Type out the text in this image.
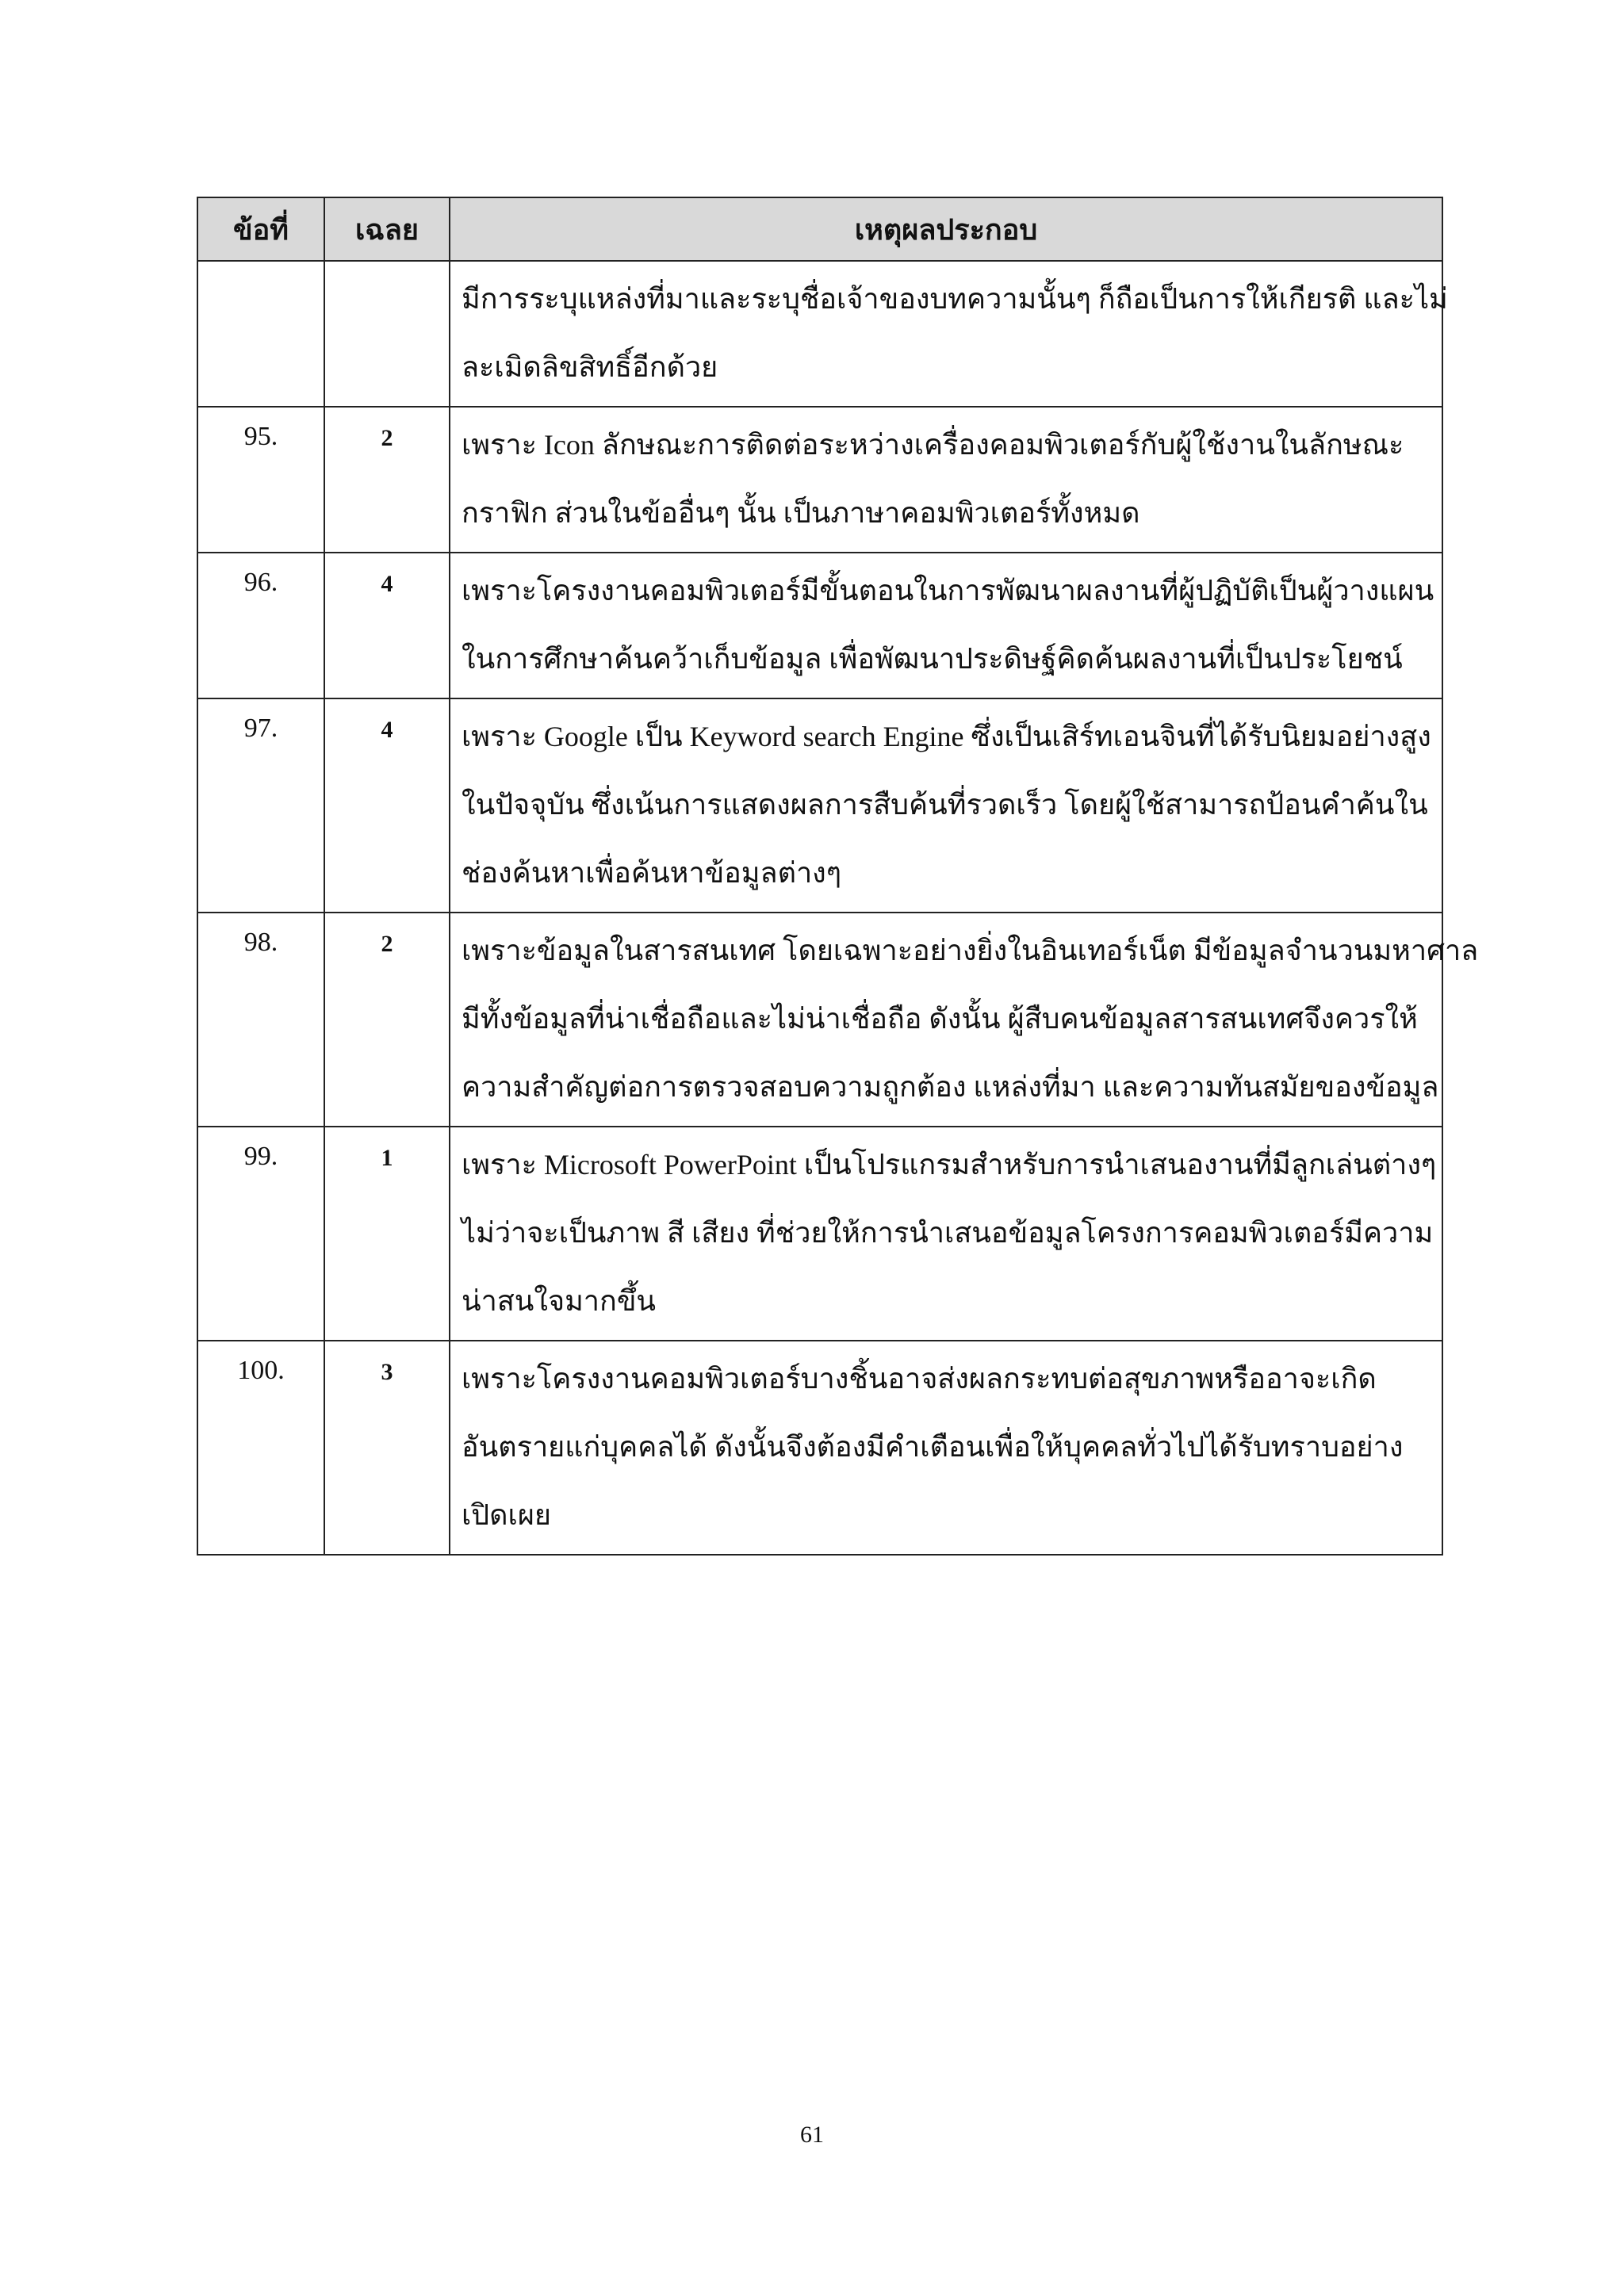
ข้อที่	เฉลย	เหตุผลประกอบ

		มีการระบุแหล่งที่มาและระบุชื่อเจ้าของบทความนั้นๆ ก็ถือเป็นการให้เกียรติ และไม่
ละเมิดลิขสิทธิ์อีกด้วย

95.	2	เพราะ Icon ลักษณะการติดต่อระหว่างเครื่องคอมพิวเตอร์กับผู้ใช้งานในลักษณะ
กราฟิก ส่วนในข้ออื่นๆ นั้น เป็นภาษาคอมพิวเตอร์ทั้งหมด

96.	4	เพราะโครงงานคอมพิวเตอร์มีขั้นตอนในการพัฒนาผลงานที่ผู้ปฏิบัติเป็นผู้วางแผน
ในการศึกษาค้นคว้าเก็บข้อมูล เพื่อพัฒนาประดิษฐ์คิดค้นผลงานที่เป็นประโยชน์

97.	4	เพราะ Google เป็น Keyword search Engine ซึ่งเป็นเสิร์ทเอนจินที่ได้รับนิยมอย่างสูง
ในปัจจุบัน ซึ่งเน้นการแสดงผลการสืบค้นที่รวดเร็ว โดยผู้ใช้สามารถป้อนคำค้นใน
ช่องค้นหาเพื่อค้นหาข้อมูลต่างๆ

98.	2	เพราะข้อมูลในสารสนเทศ โดยเฉพาะอย่างยิ่งในอินเทอร์เน็ต มีข้อมูลจำนวนมหาศาล
มีทั้งข้อมูลที่น่าเชื่อถือและไม่น่าเชื่อถือ ดังนั้น ผู้สืบคนข้อมูลสารสนเทศจึงควรให้
ความสำคัญต่อการตรวจสอบความถูกต้อง แหล่งที่มา และความทันสมัยของข้อมูล

99.	1	เพราะ Microsoft PowerPoint เป็นโปรแกรมสำหรับการนำเสนองานที่มีลูกเล่นต่างๆ
ไม่ว่าจะเป็นภาพ สี เสียง ที่ช่วยให้การนำเสนอข้อมูลโครงการคอมพิวเตอร์มีความ
น่าสนใจมากขึ้น

100.	3	เพราะโครงงานคอมพิวเตอร์บางชิ้นอาจส่งผลกระทบต่อสุขภาพหรืออาจะเกิด
อันตรายแก่บุคคลได้ ดังนั้นจึงต้องมีคำเตือนเพื่อให้บุคคลทั่วไปได้รับทราบอย่าง
เปิดเผย
61
